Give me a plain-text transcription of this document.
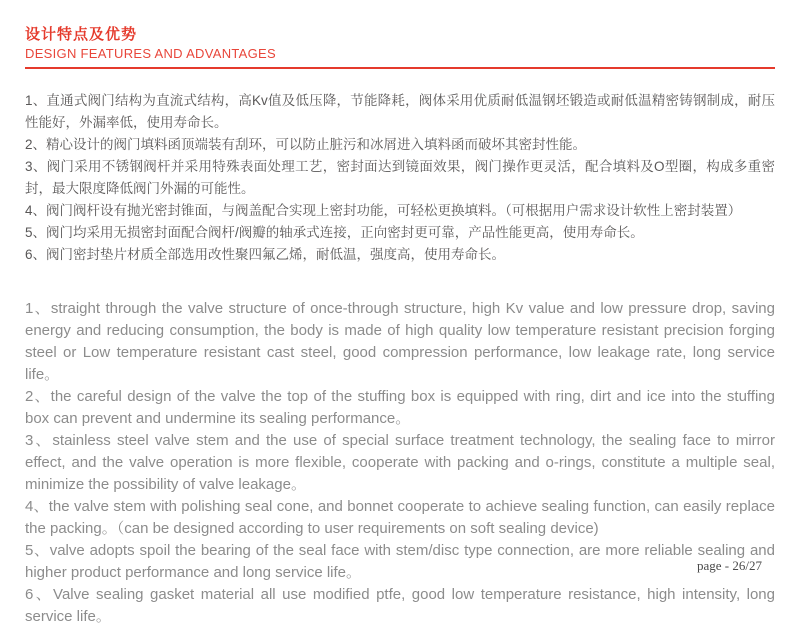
设计特点及优势
DESIGN FEATURES AND ADVANTAGES

1、直通式阀门结构为直流式结构，高Kv值及低压降，节能降耗，阀体采用优质耐低温钢坯锻造或耐低温精密铸钢制成，耐压性能好，外漏率低，使用寿命长。

2、精心设计的阀门填料函顶端装有刮环，可以防止脏污和冰屑进入填料函而破坏其密封性能。

3、阀门采用不锈钢阀杆并采用特殊表面处理工艺，密封面达到镜面效果，阀门操作更灵活，配合填料及O型圈，构成多重密封，最大限度降低阀门外漏的可能性。

4、阀门阀杆设有抛光密封锥面，与阀盖配合实现上密封功能，可轻松更换填料。（可根据用户需求设计软性上密封装置）

5、阀门均采用无损密封面配合阀杆/阀瓣的轴承式连接，正向密封更可靠，产品性能更高，使用寿命长。

6、阀门密封垫片材质全部选用改性聚四氟乙烯，耐低温，强度高，使用寿命长。

1、straight through the valve structure of once-through structure, high Kv value and low pressure drop, saving energy and reducing consumption, the body is made of high quality low temperature resistant precision forging steel or Low temperature resistant cast steel, good compression performance, low leakage rate, long service life。

2、the careful design of the valve the top of the stuffing box is equipped with ring, dirt and ice into the stuffing box can prevent and undermine its sealing performance。

3、stainless steel valve stem and the use of special surface treatment technology, the sealing face to mirror effect, and the valve operation is more flexible, cooperate with packing and o-rings, constitute a multiple seal, minimize the possibility of valve leakage。

4、the valve stem with polishing seal cone, and bonnet cooperate to achieve sealing function, can easily replace the packing。（can be designed according to user requirements on soft sealing device)

5、valve adopts spoil the bearing of the seal face with stem/disc type connection, are more reliable sealing and higher product performance and long service life。

6、Valve sealing gasket material all use modified ptfe, good low temperature resistance, high intensity, long service life。

page - 26/27
